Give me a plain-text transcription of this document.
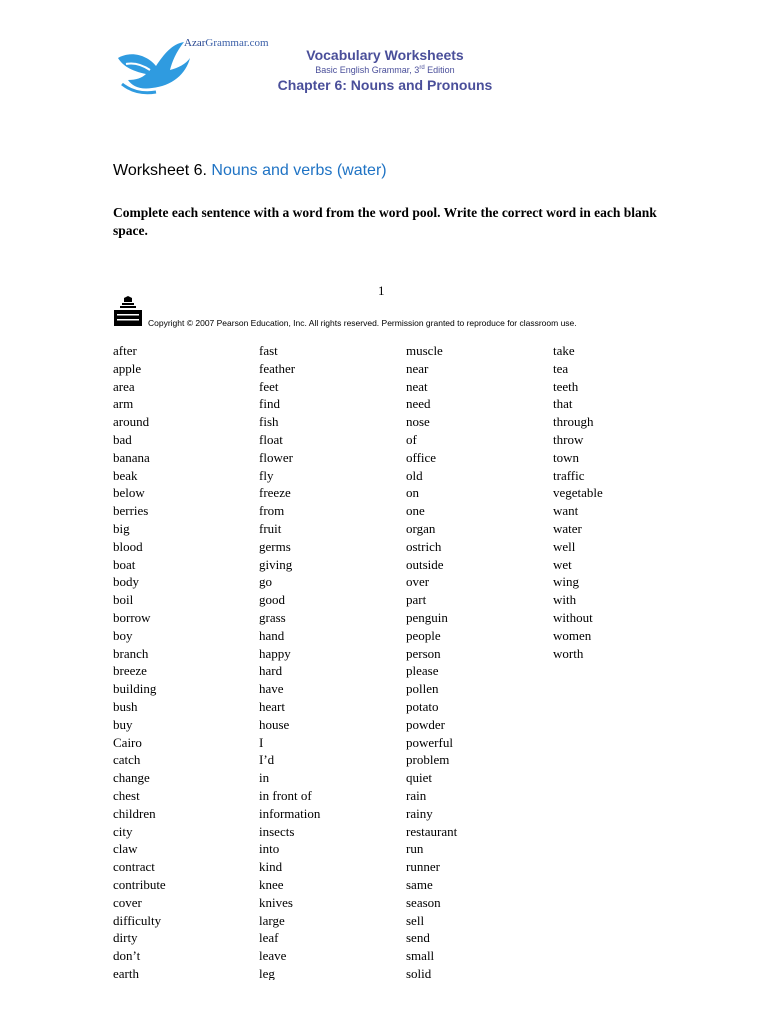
AzarGrammar.com
Vocabulary Worksheets
Basic English Grammar, 3rd Edition
Chapter 6: Nouns and Pronouns
Worksheet 6. Nouns and verbs (water)
Complete each sentence with a word from the word pool. Write the correct word in each blank space.
1
Copyright © 2007 Pearson Education, Inc. All rights reserved. Permission granted to reproduce for classroom use.
after
apple
area
arm
around
bad
banana
beak
below
berries
big
blood
boat
body
boil
borrow
boy
branch
breeze
building
bush
buy
Cairo
catch
change
chest
children
city
claw
contract
contribute
cover
difficulty
dirty
don’t
earth
fast
feather
feet
find
fish
float
flower
fly
freeze
from
fruit
germs
giving
go
good
grass
hand
happy
hard
have
heart
house
I
I’d
in
in front of
information
insects
into
kind
knee
knives
large
leaf
leave
leg
muscle
near
neat
need
nose
of
office
old
on
one
organ
ostrich
outside
over
part
penguin
people
person
please
pollen
potato
powder
powerful
problem
quiet
rain
rainy
restaurant
run
runner
same
season
sell
send
small
solid
take
tea
teeth
that
through
throw
town
traffic
vegetable
want
water
well
wet
wing
with
without
women
worth
